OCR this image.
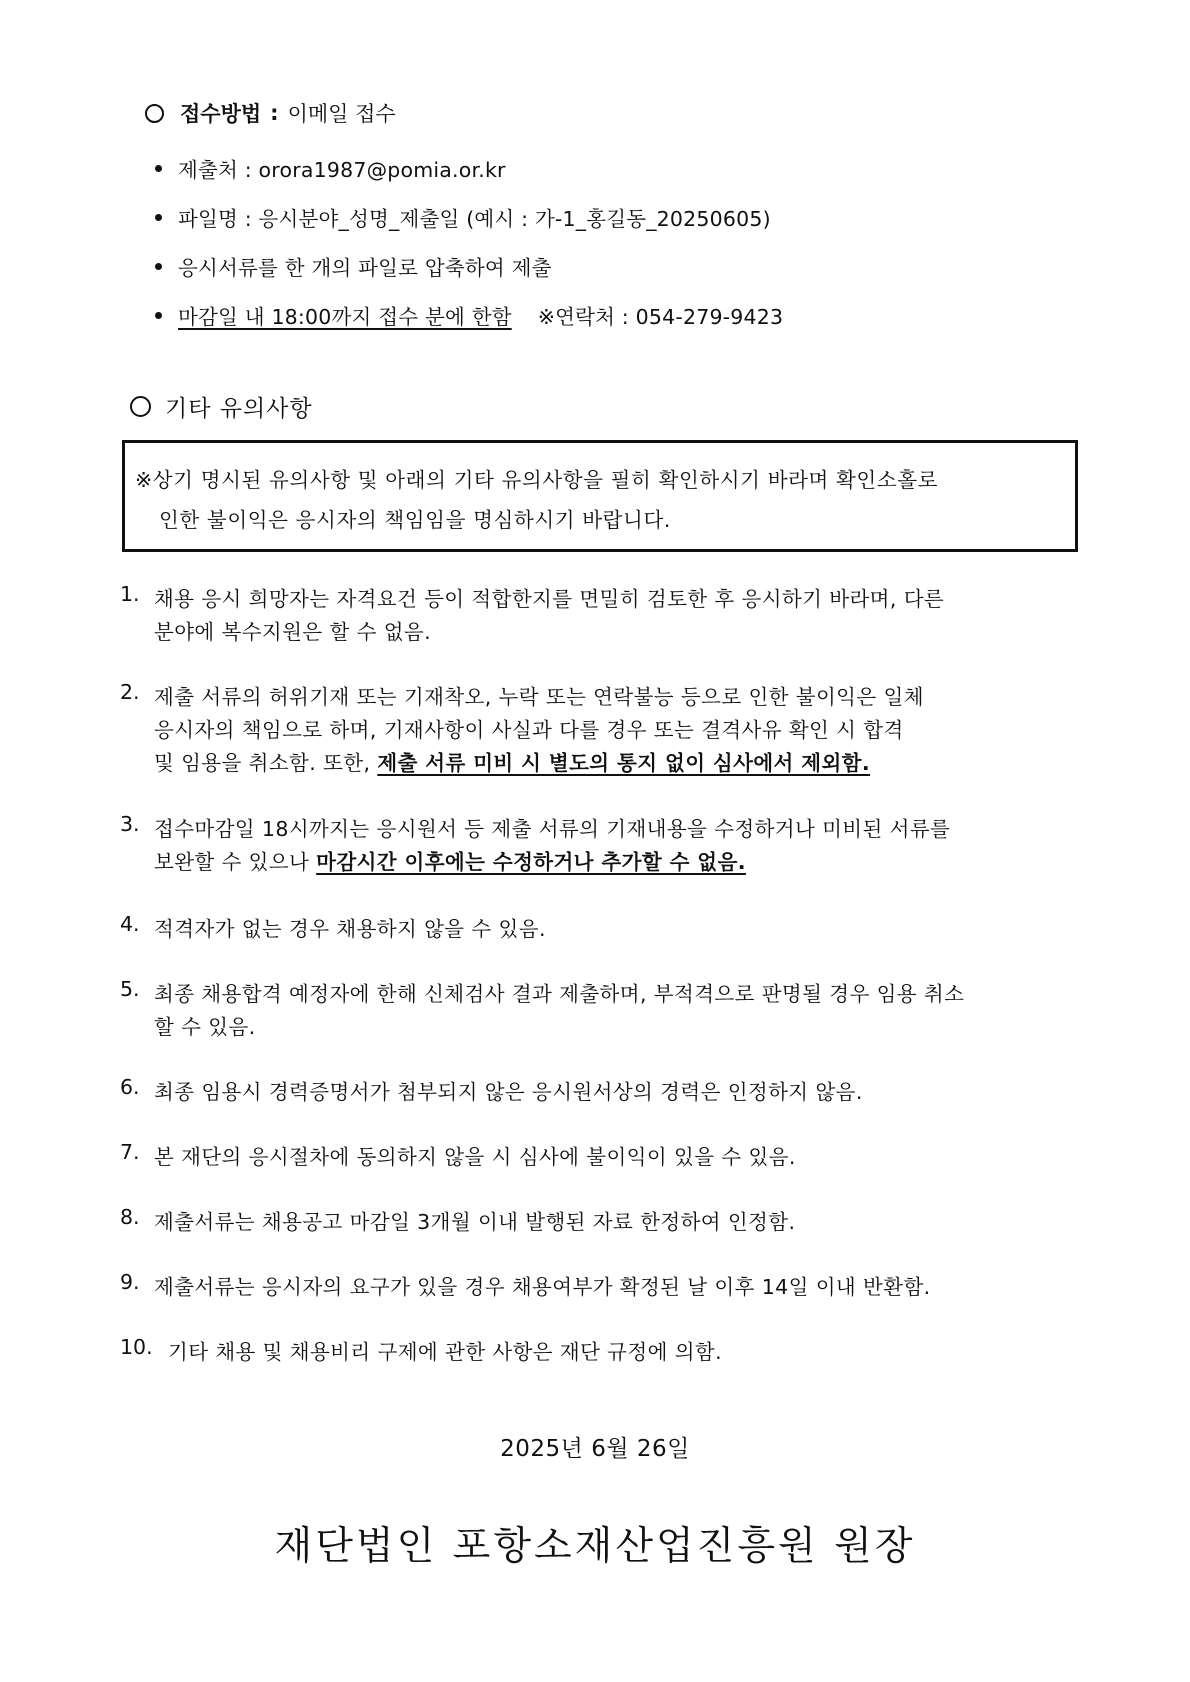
접수방법 : 이메일 접수
제출처 : orora1987@pomia.or.kr
파일명 : 응시분야_성명_제출일 (예시 : 가-1_홍길동_20250605)
응시서류를 한 개의 파일로 압축하여 제출
마감일 내 18:00까지 접수 분에 한함 ※연락처 : 054-279-9423
기타 유의사항
※상기 명시된 유의사항 및 아래의 기타 유의사항을 필히 확인하시기 바라며 확인소홀로
인한 불이익은 응시자의 책임임을 명심하시기 바랍니다.
1. 채용 응시 희망자는 자격요건 등이 적합한지를 면밀히 검토한 후 응시하기 바라며, 다른
분야에 복수지원은 할 수 없음.
2. 제출 서류의 허위기재 또는 기재착오, 누락 또는 연락불능 등으로 인한 불이익은 일체
응시자의 책임으로 하며, 기재사항이 사실과 다를 경우 또는 결격사유 확인 시 합격
및 임용을 취소함. 또한, 제출 서류 미비 시 별도의 통지 없이 심사에서 제외함.
3. 접수마감일 18시까지는 응시원서 등 제출 서류의 기재내용을 수정하거나 미비된 서류를
보완할 수 있으나 마감시간 이후에는 수정하거나 추가할 수 없음.
4. 적격자가 없는 경우 채용하지 않을 수 있음.
5. 최종 채용합격 예정자에 한해 신체검사 결과 제출하며, 부적격으로 판명될 경우 임용 취소
할 수 있음.
6. 최종 임용시 경력증명서가 첨부되지 않은 응시원서상의 경력은 인정하지 않음.
7. 본 재단의 응시절차에 동의하지 않을 시 심사에 불이익이 있을 수 있음.
8. 제출서류는 채용공고 마감일 3개월 이내 발행된 자료 한정하여 인정함.
9. 제출서류는 응시자의 요구가 있을 경우 채용여부가 확정된 날 이후 14일 이내 반환함.
10. 기타 채용 및 채용비리 구제에 관한 사항은 재단 규정에 의함.
2025년 6월 26일
재단법인 포항소재산업진흥원 원장
